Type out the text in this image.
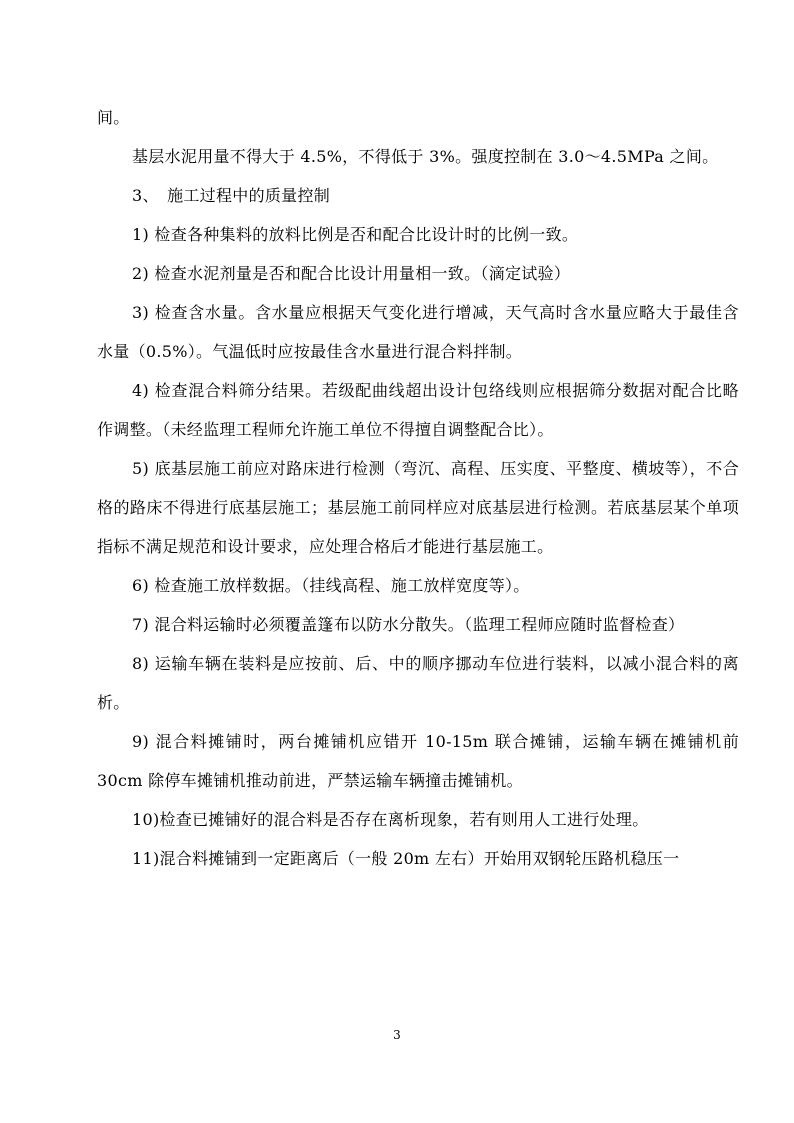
间。

基层水泥用量不得大于 4.5%，不得低于 3%。强度控制在 3.0～4.5MPa 之间。

3、　施工过程中的质量控制

1) 检查各种集料的放料比例是否和配合比设计时的比例一致。

2) 检查水泥剂量是否和配合比设计用量相一致。（滴定试验）

3) 检查含水量。含水量应根据天气变化进行增减，天气高时含水量应略大于最佳含水量（0.5%）。气温低时应按最佳含水量进行混合料拌制。

4) 检查混合料筛分结果。若级配曲线超出设计包络线则应根据筛分数据对配合比略作调整。（未经监理工程师允许施工单位不得擅自调整配合比）。

5) 底基层施工前应对路床进行检测（弯沉、高程、压实度、平整度、横坡等），不合格的路床不得进行底基层施工；基层施工前同样应对底基层进行检测。若底基层某个单项指标不满足规范和设计要求，应处理合格后才能进行基层施工。

6) 检查施工放样数据。（挂线高程、施工放样宽度等）。

7) 混合料运输时必须覆盖篷布以防水分散失。（监理工程师应随时监督检查）

8) 运输车辆在装料是应按前、后、中的顺序挪动车位进行装料，以减小混合料的离析。

9) 混合料摊铺时，两台摊铺机应错开 10-15m 联合摊铺，运输车辆在摊铺机前 30cm 除停车摊铺机推动前进，严禁运输车辆撞击摊铺机。

10)检查已摊铺好的混合料是否存在离析现象，若有则用人工进行处理。

11)混合料摊铺到一定距离后（一般 20m 左右）开始用双钢轮压路机稳压一

3
